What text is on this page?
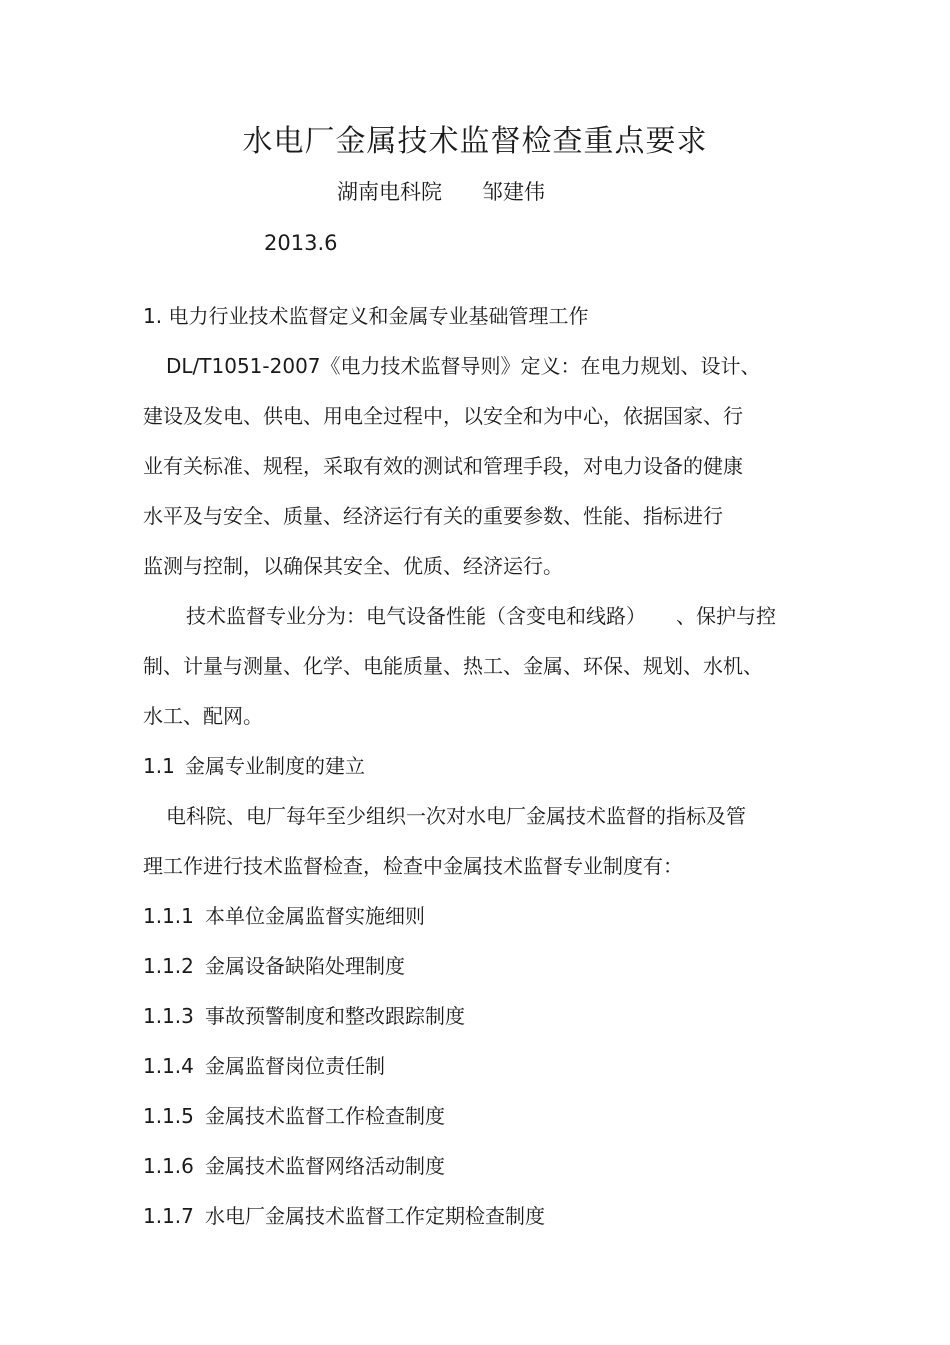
水电厂金属技术监督检查重点要求
湖南电科院 邹建伟
2013.6
1. 电力行业技术监督定义和金属专业基础管理工作
DL/T1051-2007《电力技术监督导则》定义：在电力规划、设计、
建设及发电、供电、用电全过程中，以安全和为中心，依据国家、行
业有关标准、规程，采取有效的测试和管理手段，对电力设备的健康
水平及与安全、质量、经济运行有关的重要参数、性能、指标进行
监测与控制，以确保其安全、优质、经济运行。
技术监督专业分为：电气设备性能（含变电和线路）　　、保护与控
制、计量与测量、化学、电能质量、热工、金属、环保、规划、水机、
水工、配网。
1.1 金属专业制度的建立
电科院、电厂每年至少组织一次对水电厂金属技术监督的指标及管
理工作进行技术监督检查，检查中金属技术监督专业制度有：
1.1.1 本单位金属监督实施细则
1.1.2 金属设备缺陷处理制度
1.1.3 事故预警制度和整改跟踪制度
1.1.4 金属监督岗位责任制
1.1.5 金属技术监督工作检查制度
1.1.6 金属技术监督网络活动制度
1.1.7 水电厂金属技术监督工作定期检查制度
